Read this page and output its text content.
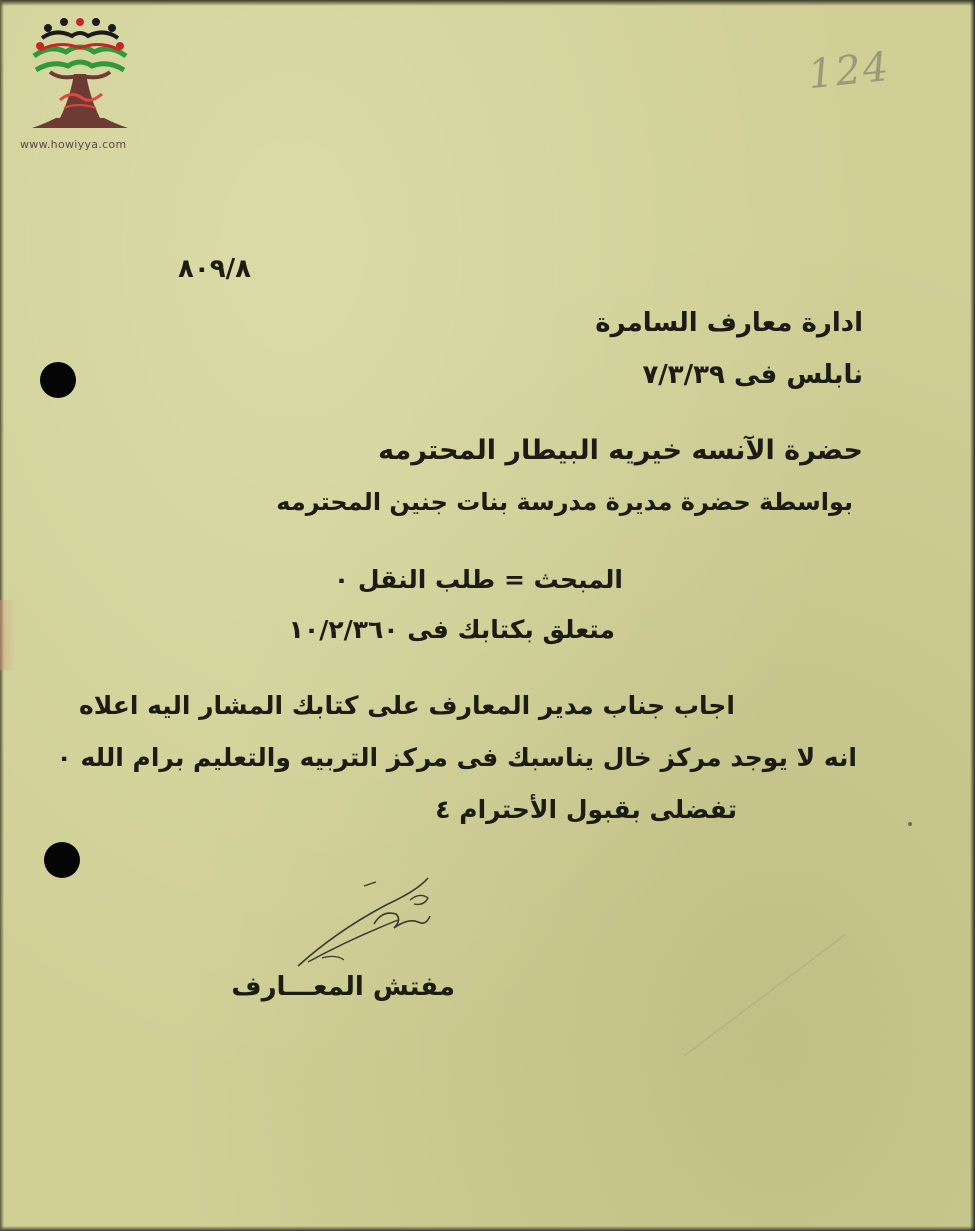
www.howiyya.com
124
٨٠٩/٨
ادارة معارف السامرة
نابلس فی ٧/٣/٣٩
حضرة الآنسه خيريه البيطار المحترمه
بواسطة حضرة مديرة مدرسة بنات جنين المحترمه
المبحث = طلب النقل ٠
متعلق بكتابك فى ١٠/٢/٣٦٠
اجاب جناب مدير المعارف على كتابك المشار اليه اعلاه
انه لا يوجد مركز خال يناسبك فى مركز التربيه والتعليم برام الله ٠
تفضلى بقبول الأحترام ٤
مفتش المعـــارف
